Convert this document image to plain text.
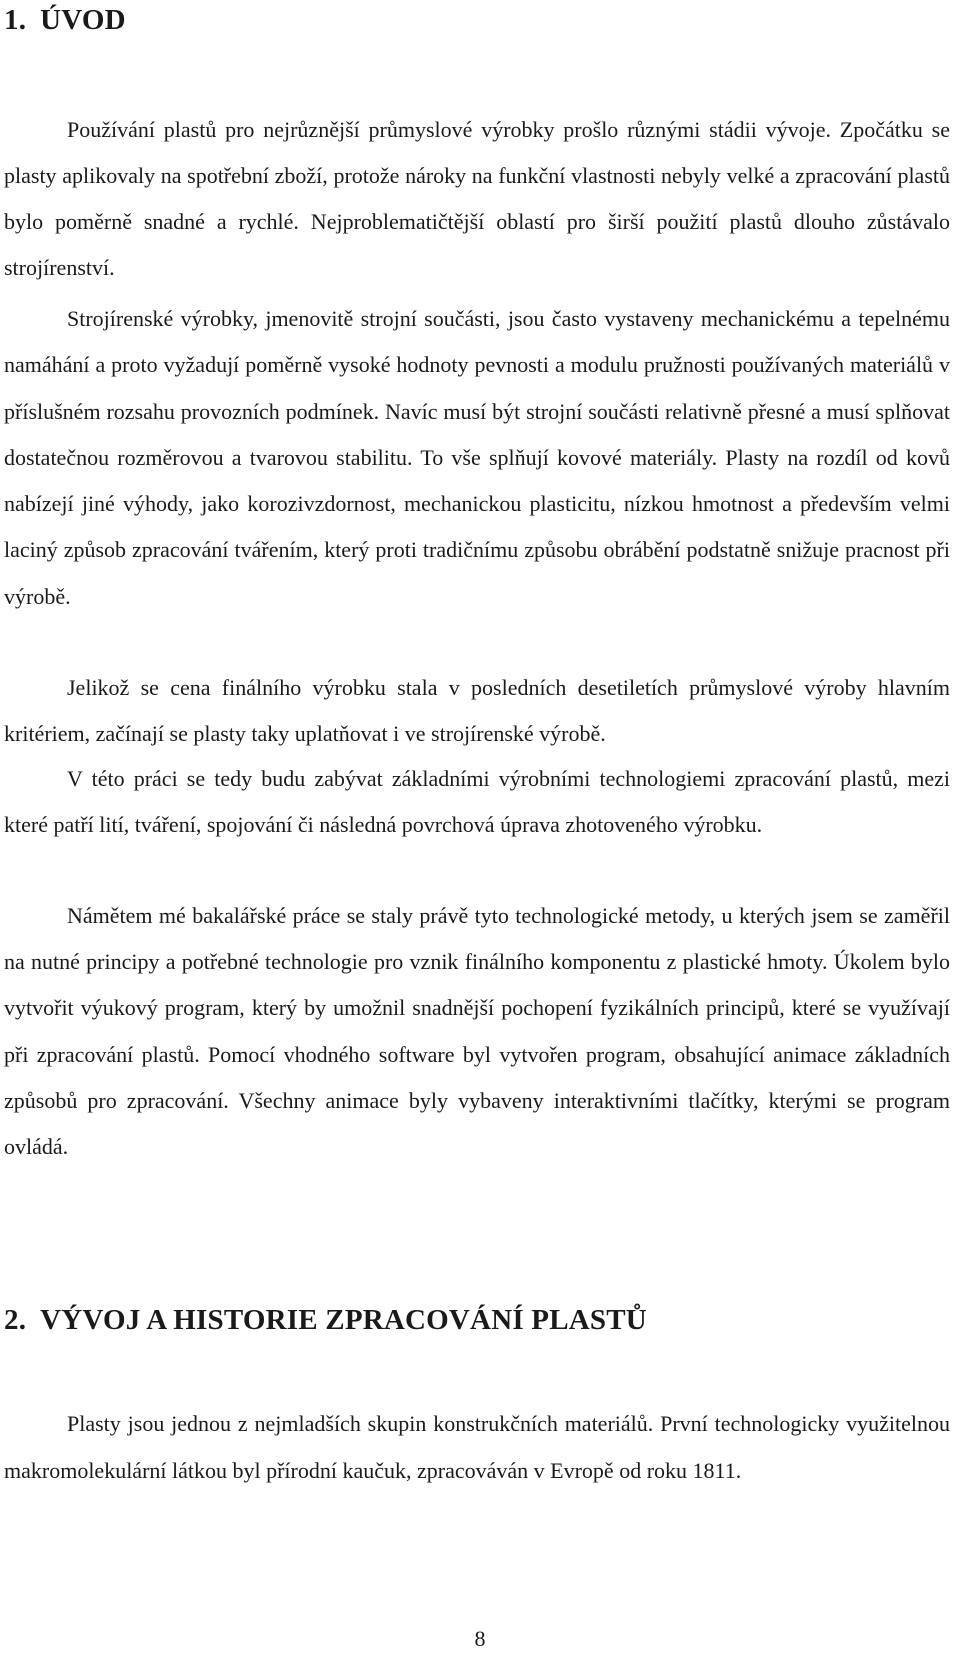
1. ÚVOD

Používání plastů pro nejrůznější průmyslové výrobky prošlo různými stádii vývoje. Zpočátku se plasty aplikovaly na spotřební zboží, protože nároky na funkční vlastnosti nebyly velké a zpracování plastů bylo poměrně snadné a rychlé. Nejproblematičtější oblastí pro širší použití plastů dlouho zůstávalo strojírenství.

Strojírenské výrobky, jmenovitě strojní součásti, jsou často vystaveny mechanickému a tepelnému namáhání a proto vyžadují poměrně vysoké hodnoty pevnosti a modulu pružnosti používaných materiálů v příslušném rozsahu provozních podmínek. Navíc musí být strojní součásti relativně přesné a musí splňovat dostatečnou rozměrovou a tvarovou stabilitu. To vše splňují kovové materiály. Plasty na rozdíl od kovů nabízejí jiné výhody, jako korozivzdornost, mechanickou plasticitu, nízkou hmotnost a především velmi laciný způsob zpracování tvářením, který proti tradičnímu způsobu obrábění podstatně snižuje pracnost při výrobě.

Jelikož se cena finálního výrobku stala v posledních desetiletích průmyslové výroby hlavním kritériem, začínají se plasty taky uplatňovat i ve strojírenské výrobě.

V této práci se tedy budu zabývat základními výrobními technologiemi zpracování plastů, mezi které patří lití, tváření, spojování či následná povrchová úprava zhotoveného výrobku.

Námětem mé bakalářské práce se staly právě tyto technologické metody, u kterých jsem se zaměřil na nutné principy a potřebné technologie pro vznik finálního komponentu z plastické hmoty. Úkolem bylo vytvořit výukový program, který by umožnil snadnější pochopení fyzikálních principů, které se využívají při zpracování plastů. Pomocí vhodného software byl vytvořen program, obsahující animace základních způsobů pro zpracování. Všechny animace byly vybaveny interaktivními tlačítky, kterými se program ovládá.

2. VÝVOJ A HISTORIE ZPRACOVÁNÍ PLASTŮ

Plasty jsou jednou z nejmladších skupin konstrukčních materiálů. První technologicky využitelnou makromolekulární látkou byl přírodní kaučuk, zpracováván v Evropě od roku 1811.

8
